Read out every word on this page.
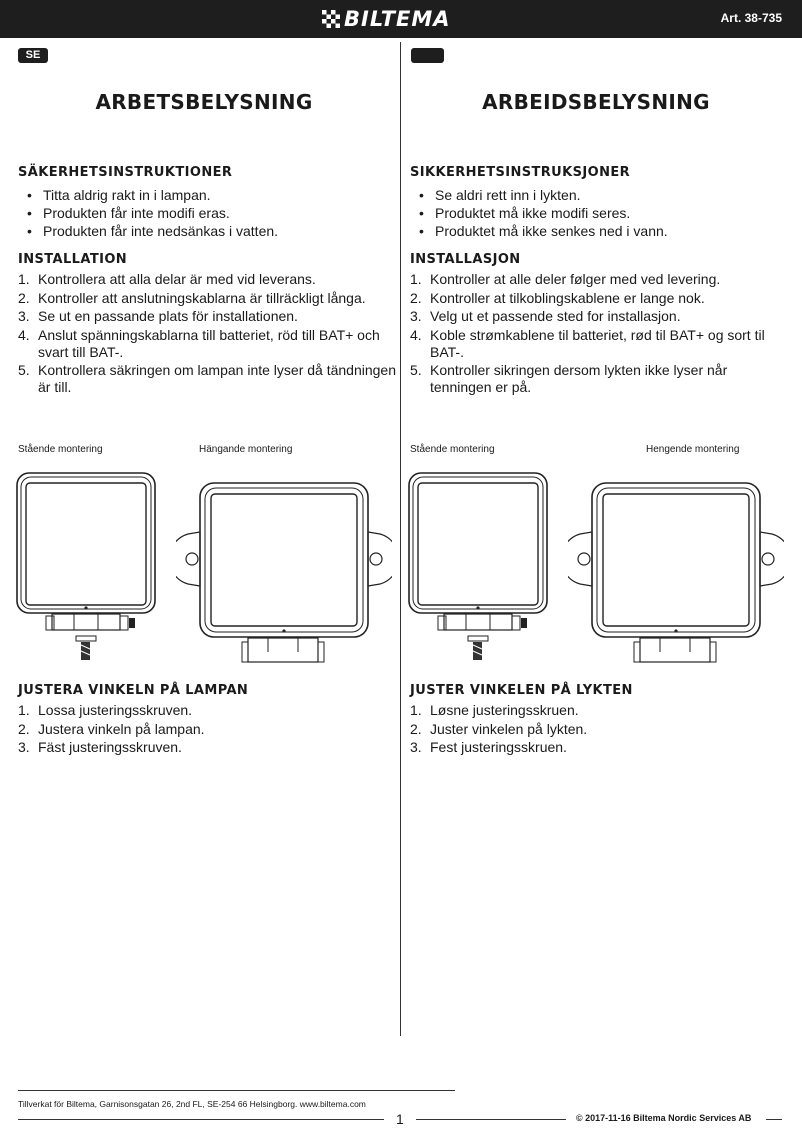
BILTEMA	Art. 38-735
SE
ARBETSBELYSNING
SÄKERHETSINSTRUKTIONER
• Titta aldrig rakt in i lampan.
• Produkten får inte modifi eras.
• Produkten får inte nedsänkas i vatten.
INSTALLATION
1. Kontrollera att alla delar är med vid leverans.
2. Kontroller att anslutningskablarna är tillräckligt långa.
3. Se ut en passande plats för installationen.
4. Anslut spänningskablarna till batteriet, röd till BAT+ och svart till BAT-.
5. Kontrollera säkringen om lampan inte lyser då tändningen är till.
Stående montering	Hängande montering
JUSTERA VINKELN PÅ LAMPAN
1. Lossa justeringsskruven.
2. Justera vinkeln på lampan.
3. Fäst justeringsskruven.
ARBEIDSBELYSNING
SIKKERHETSINSTRUKSJONER
• Se aldri rett inn i lykten.
• Produktet må ikke modifi seres.
• Produktet må ikke senkes ned i vann.
INSTALLASJON
1. Kontroller at alle deler følger med ved levering.
2. Kontroller at tilkoblingskablene er lange nok.
3. Velg ut et passende sted for installasjon.
4. Koble strømkablene til batteriet, rød til BAT+ og sort til BAT-.
5. Kontroller sikringen dersom lykten ikke lyser når tenningen er på.
Stående montering	Hengende montering
JUSTER VINKELEN PÅ LYKTEN
1. Løsne justeringsskruen.
2. Juster vinkelen på lykten.
3. Fest justeringsskruen.
Tillverkat för Biltema, Garnisonsgatan 26, 2nd FL, SE-254 66 Helsingborg. www.biltema.com
1	© 2017-11-16 Biltema Nordic Services AB
